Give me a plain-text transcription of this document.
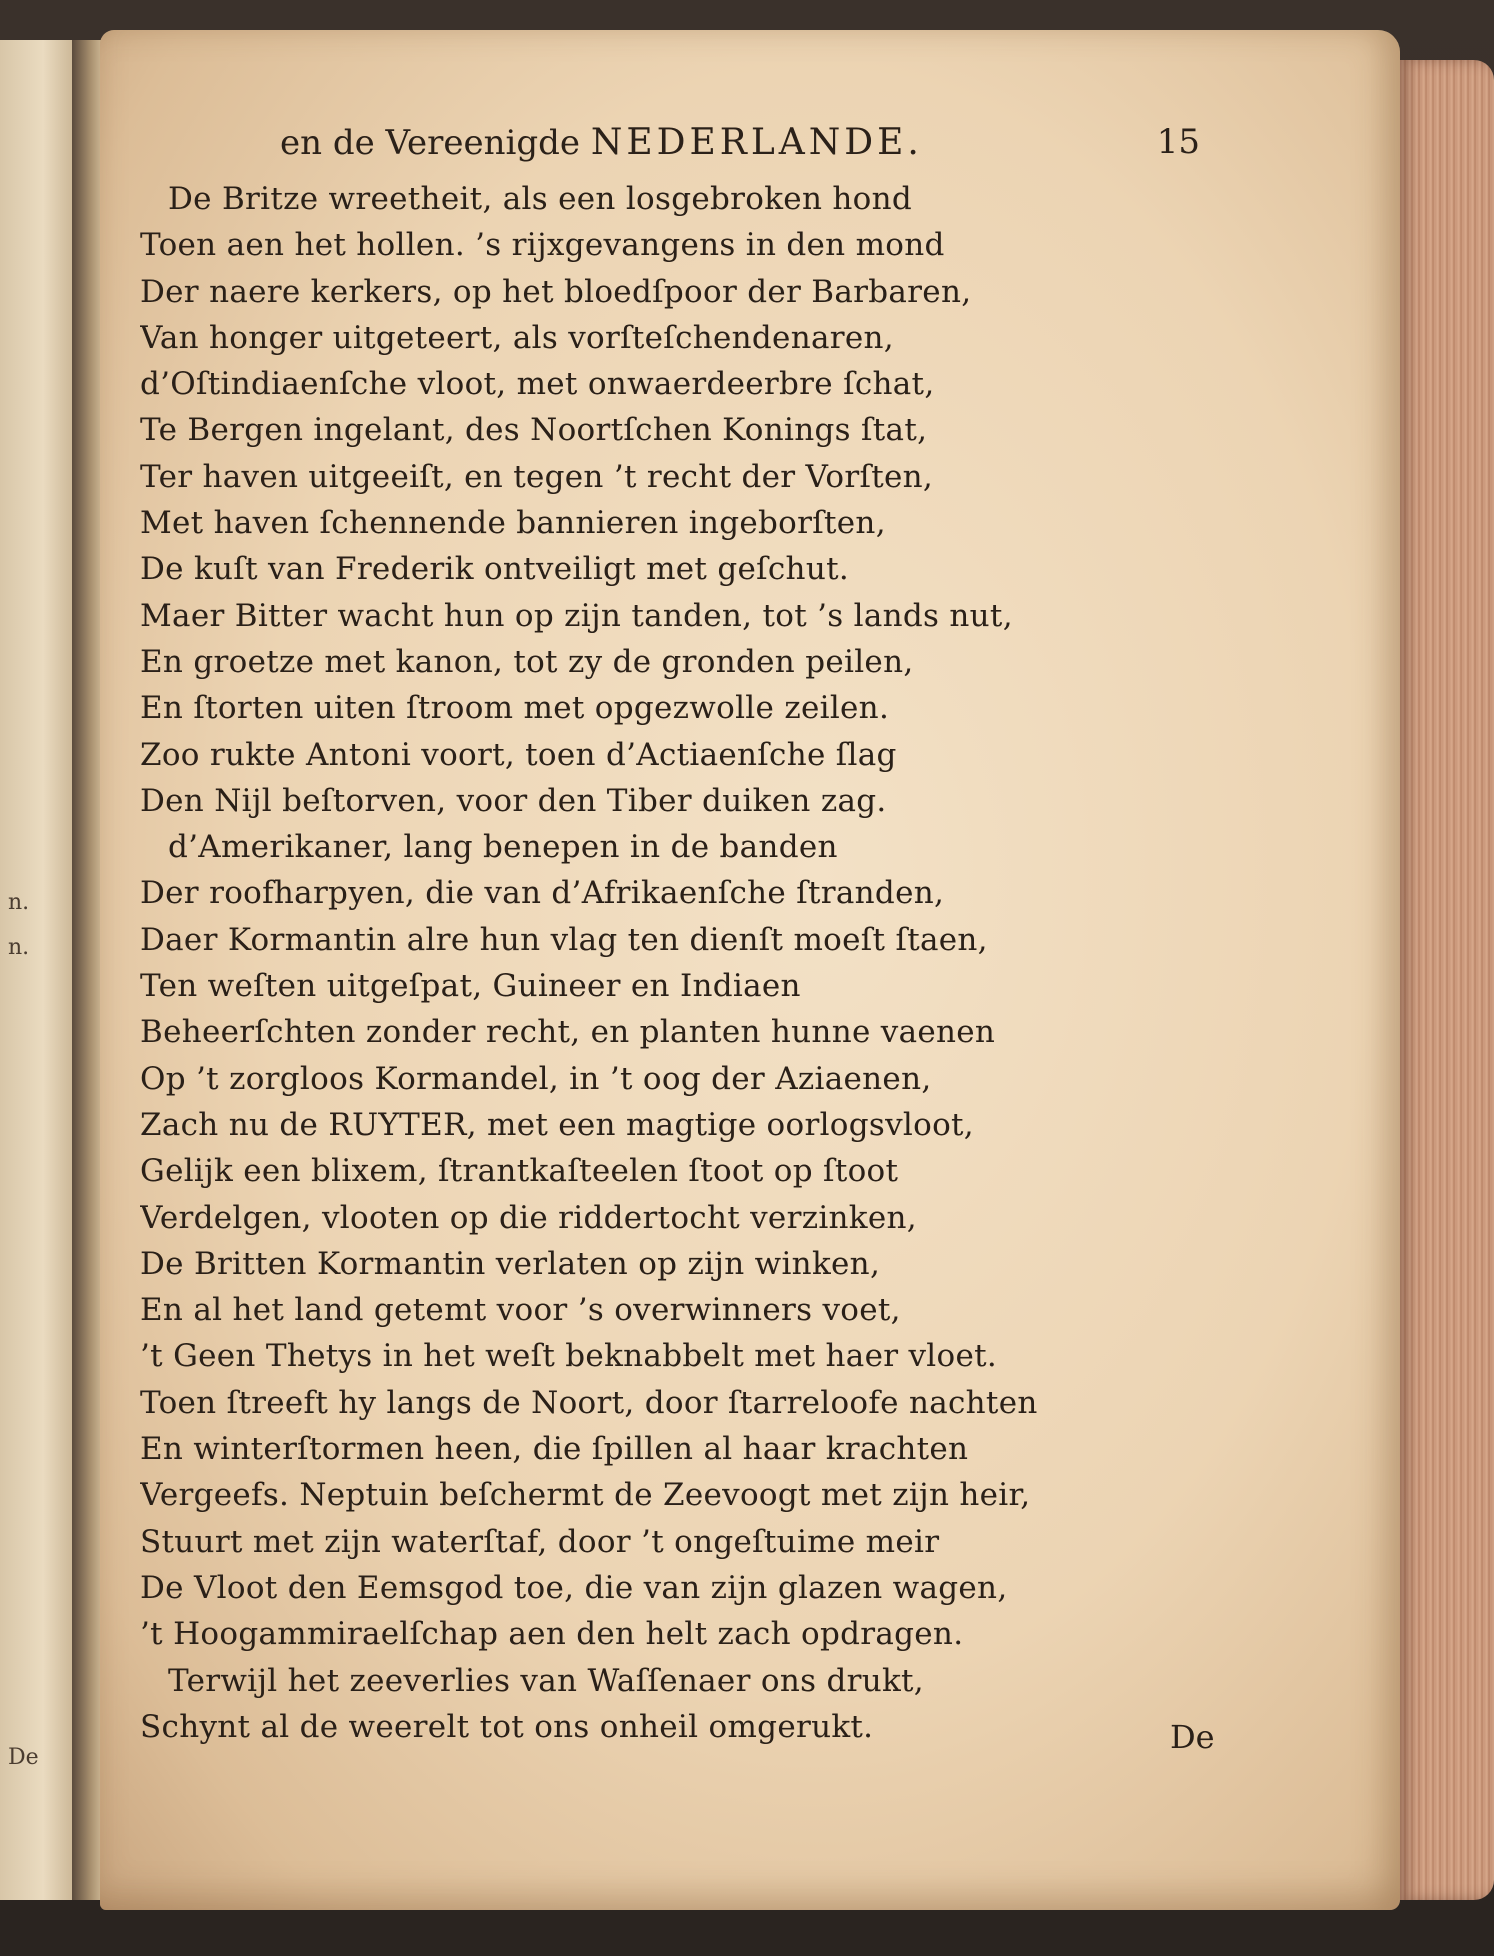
n.
n.
De
en de Vereenigde NEDERLANDE.	15
De Britze wreetheit, als een losgebroken hond
Toen aen het hollen. ’s rijxgevangens in den mond
Der naere kerkers, op het bloedſpoor der Barbaren,
Van honger uitgeteert, als vorſteſchendenaren,
d’Oſtindiaenſche vloot, met onwaerdeerbre ſchat,
Te Bergen ingelant, des Noortſchen Konings ſtat,
Ter haven uitgeeiſt, en tegen ’t recht der Vorſten,
Met haven ſchennende bannieren ingeborſten,
De kuſt van Frederik ontveiligt met geſchut.
Maer Bitter wacht hun op zijn tanden, tot ’s lands nut,
En groetze met kanon, tot zy de gronden peilen,
En ſtorten uiten ſtroom met opgezwolle zeilen.
Zoo rukte Antoni voort, toen d’Actiaenſche ſlag
Den Nijl beſtorven, voor den Tiber duiken zag.
d’Amerikaner, lang benepen in de banden
Der roofharpyen, die van d’Afrikaenſche ſtranden,
Daer Kormantin alre hun vlag ten dienſt moeſt ſtaen,
Ten weſten uitgeſpat, Guineer en Indiaen
Beheerſchten zonder recht, en planten hunne vaenen
Op ’t zorgloos Kormandel, in ’t oog der Aziaenen,
Zach nu de RUYTER, met een magtige oorlogsvloot,
Gelijk een blixem, ſtrantkaſteelen ſtoot op ſtoot
Verdelgen, vlooten op die riddertocht verzinken,
De Britten Kormantin verlaten op zijn winken,
En al het land getemt voor ’s overwinners voet,
’t Geen Thetys in het weſt beknabbelt met haer vloet.
Toen ſtreeft hy langs de Noort, door ſtarreloofe nachten
En winterſtormen heen, die ſpillen al haar krachten
Vergeefs. Neptuin beſchermt de Zeevoogt met zijn heir,
Stuurt met zijn waterſtaf, door ’t ongeſtuime meir
De Vloot den Eemsgod toe, die van zijn glazen wagen,
’t Hoogammiraelſchap aen den helt zach opdragen.
Terwijl het zeeverlies van Waſſenaer ons drukt,
Schynt al de weerelt tot ons onheil omgerukt.	De
